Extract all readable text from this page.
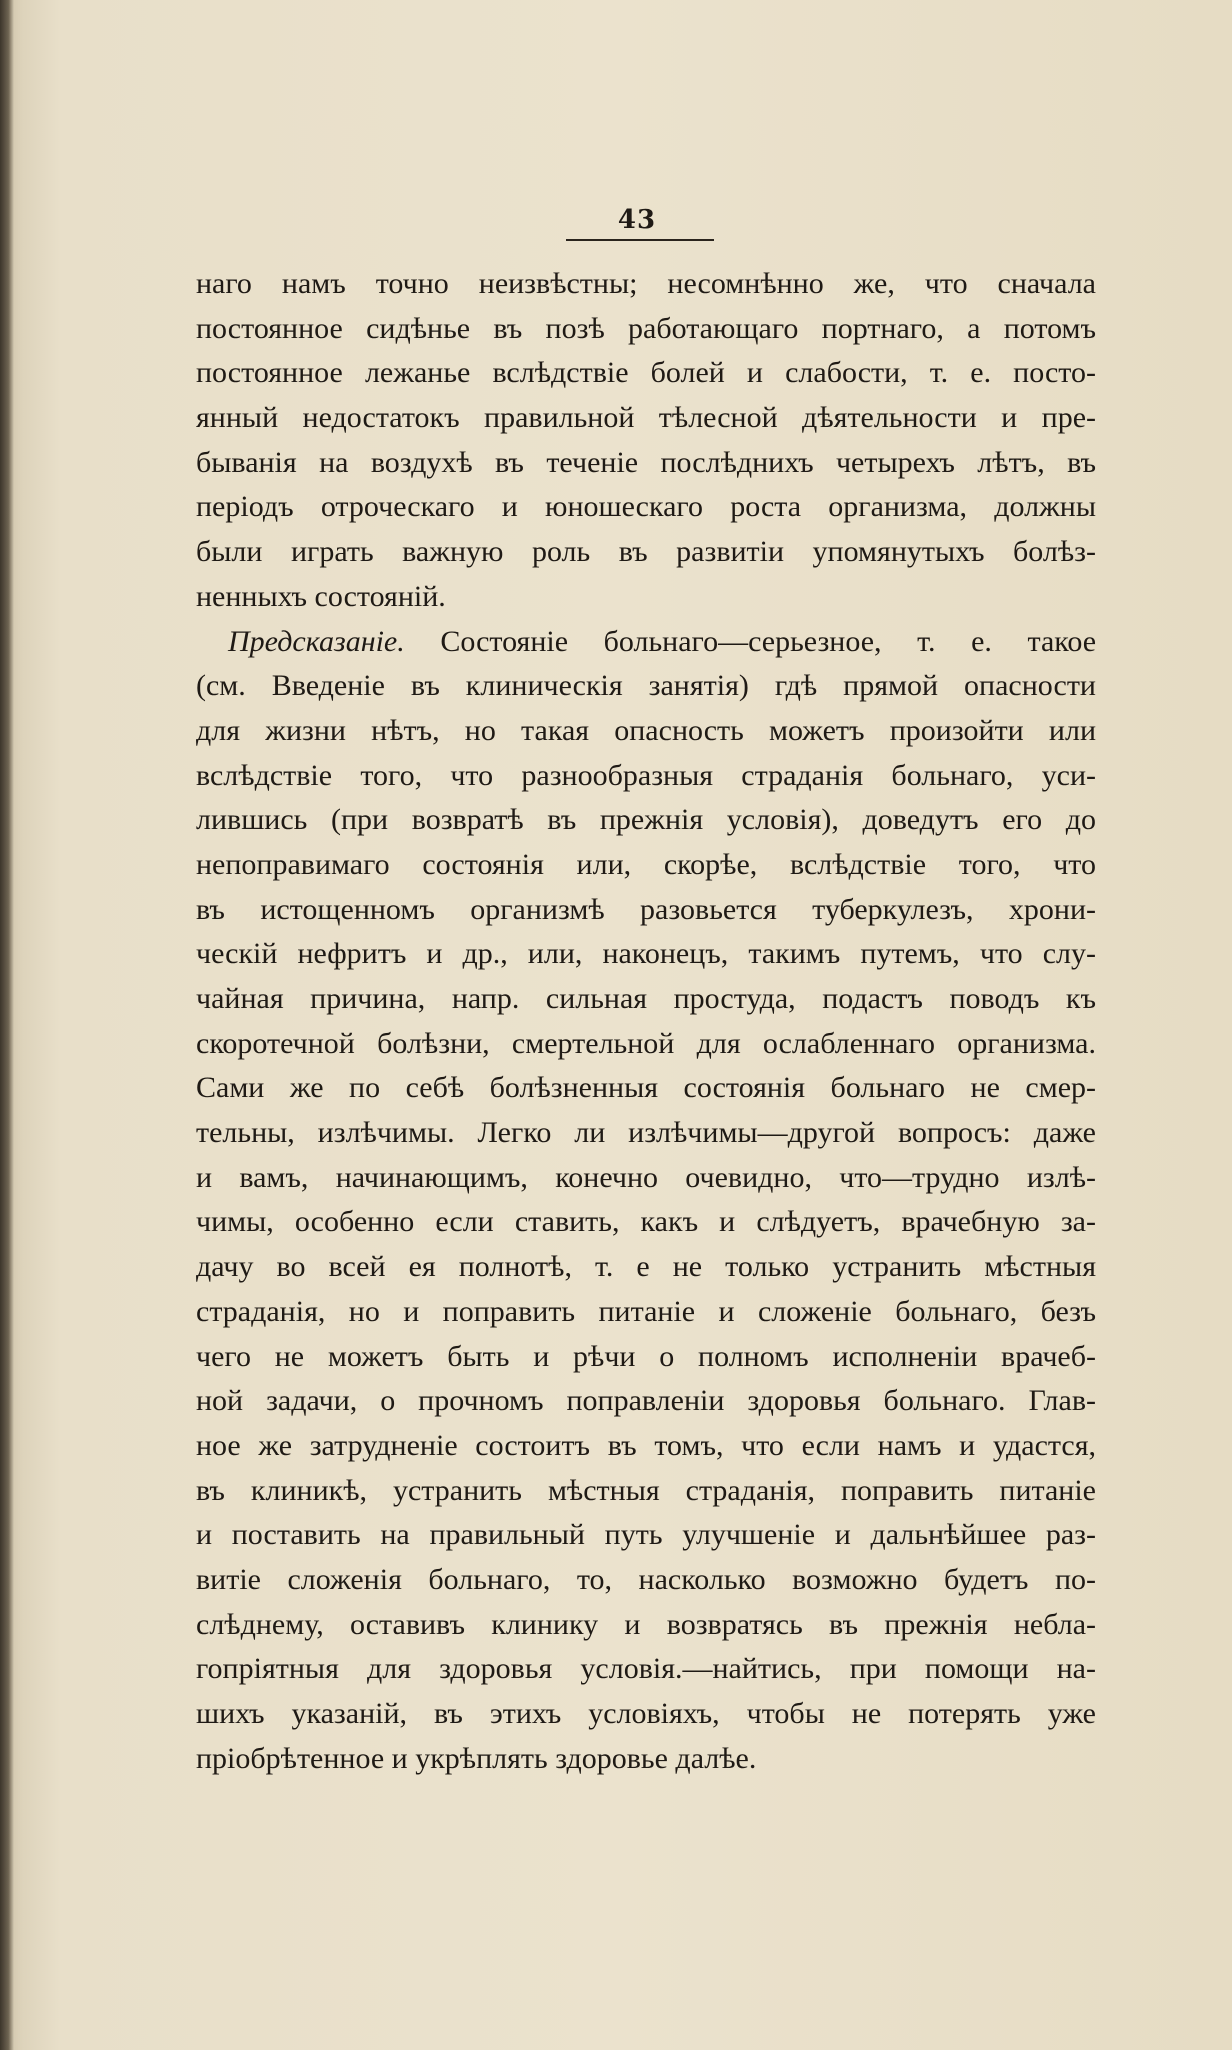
43
наго намъ точно неизвѣстны; несомнѣнно же, что сначала
постоянное сидѣнье въ позѣ работающаго портнаго, а потомъ
постоянное лежанье вслѣдствіе болей и слабости, т. е. посто-
янный недостатокъ правильной тѣлесной дѣятельности и пре-
быванія на воздухѣ въ теченіе послѣднихъ четырехъ лѣтъ, въ
періодъ отроческаго и юношескаго роста организма, должны
были играть важную роль въ развитіи упомянутыхъ болѣз-
ненныхъ состояній.
Предсказаніе. Состояніе больнаго—серьезное, т. е. такое
(см. Введеніе въ клиническія занятія) гдѣ прямой опасности
для жизни нѣтъ, но такая опасность можетъ произойти или
вслѣдствіе того, что разнообразныя страданія больнаго, уси-
лившись (при возвратѣ въ прежнія условія), доведутъ его до
непоправимаго состоянія или, скорѣе, вслѣдствіе того, что
въ истощенномъ организмѣ разовьется туберкулезъ, хрони-
ческій нефритъ и др., или, наконецъ, такимъ путемъ, что слу-
чайная причина, напр. сильная простуда, подастъ поводъ къ
скоротечной болѣзни, смертельной для ослабленнаго организма.
Сами же по себѣ болѣзненныя состоянія больнаго не смер-
тельны, излѣчимы. Легко ли излѣчимы—другой вопросъ: даже
и вамъ, начинающимъ, конечно очевидно, что—трудно излѣ-
чимы, особенно если ставить, какъ и слѣдуетъ, врачебную за-
дачу во всей ея полнотѣ, т. е не только устранить мѣстныя
страданія, но и поправить питаніе и сложеніе больнаго, безъ
чего не можетъ быть и рѣчи о полномъ исполненіи врачеб-
ной задачи, о прочномъ поправленіи здоровья больнаго. Глав-
ное же затрудненіе состоитъ въ томъ, что если намъ и удастся,
въ клиникѣ, устранить мѣстныя страданія, поправить питаніе
и поставить на правильный путь улучшеніе и дальнѣйшее раз-
витіе сложенія больнаго, то, насколько возможно будетъ по-
слѣднему, оставивъ клинику и возвратясь въ прежнія небла-
гопріятныя для здоровья условія.—найтись, при помощи на-
шихъ указаній, въ этихъ условіяхъ, чтобы не потерять уже
пріобрѣтенное и укрѣплять здоровье далѣе.
